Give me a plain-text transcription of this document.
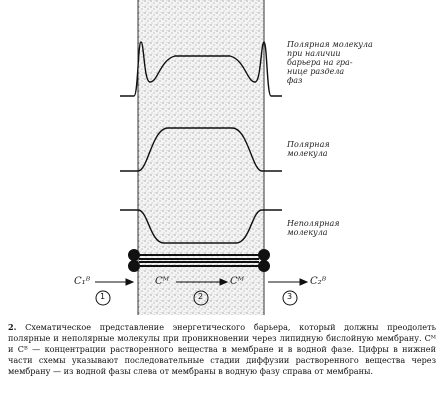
Полярная молекула
при наличии
барьера на гра-
нице раздела
фаз
Полярная
молекула
Неполярная
молекула
C₁ᴮ	Cᴹ	Cᴹ	C₂ᴮ
1	2	3
2. Схематическое представление энергетического барьера, который должны преодолеть полярные и неполярные молекулы при проникновении через липидную бислойную мембрану. Cᴹ и Cᴮ — концентрации растворенного вещества в мембране и в водной фазе. Цифры в нижней части схемы указывают последовательные стадии диффузии растворенного вещества через мембрану — из водной фазы слева от мембраны в водную фазу справа от мембраны.
